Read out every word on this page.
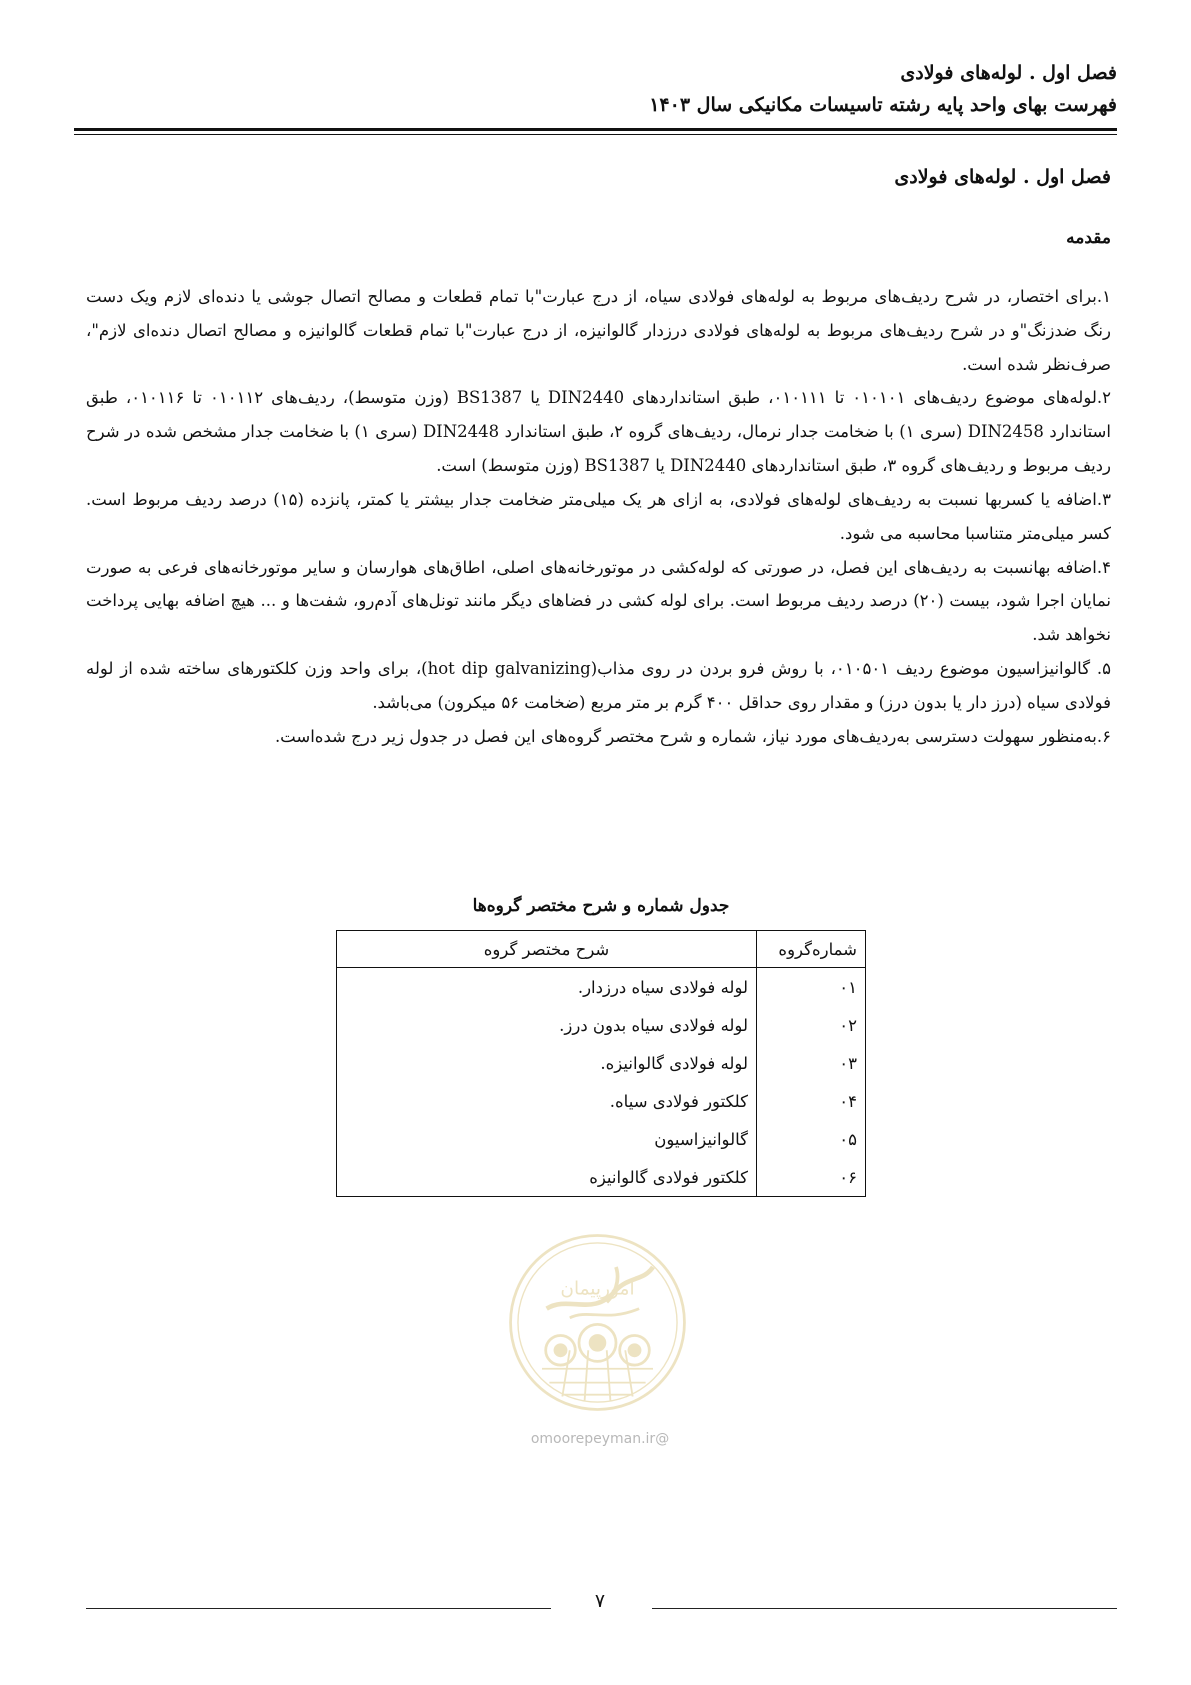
فصل اول . لوله‌های فولادی
فهرست بهای واحد پایه رشته تاسیسات مکانیکی سال ۱۴۰۳
فصل اول . لوله‌های فولادی
مقدمه

۱.برای اختصار، در شرح ردیف‌های مربوط به لوله‌های فولادی سیاه، از درج عبارت"با تمام قطعات و مصالح اتصال جوشی یا دنده‌ای لازم ویک دست رنگ ضدزنگ"و در شرح ردیف‌های مربوط به لوله‌های فولادی درزدار گالوانیزه، از درج عبارت"با تمام قطعات گالوانیزه و مصالح اتصال دنده‌ای لازم"، صرف‌نظر شده است.

۲.لوله‌های موضوع ردیف‌های ۰۱۰۱۰۱ تا ۰۱۰۱۱۱، طبق استانداردهای DIN2440 یا BS1387 (وزن متوسط)، ردیف‌های ۰۱۰۱۱۲ تا ۰۱۰۱۱۶، طبق استاندارد DIN2458 (سری ۱) با ضخامت جدار نرمال، ردیف‌های گروه ۲، طبق استاندارد DIN2448 (سری ۱) با ضخامت جدار مشخص شده در شرح ردیف مربوط و ردیف‌های گروه ۳، طبق استانداردهای DIN2440 یا BS1387 (وزن متوسط) است.

۳.اضافه یا کسربها نسبت به ردیف‌های لوله‌های فولادی، به ازای هر یک میلی‌متر ضخامت جدار بیشتر یا کمتر، پانزده (۱۵) درصد ردیف مربوط است. کسر میلی‌متر متناسبا محاسبه می شود.

۴.اضافه بهانسبت به ردیف‌های این فصل، در صورتی که لوله‌کشی در موتورخانه‌های اصلی، اطاق‌های هوارسان و سایر موتورخانه‌های فرعی به صورت نمایان اجرا شود، بیست (۲۰) درصد ردیف مربوط است. برای لوله کشی در فضاهای دیگر مانند تونل‌های آدم‌رو، شفت‌ها و ... هیچ اضافه بهایی پرداخت نخواهد شد.

۵. گالوانیزاسیون موضوع ردیف ۰۱۰۵۰۱، با روش فرو بردن در روی مذاب(hot dip galvanizing)، برای واحد وزن کلکتورهای ساخته شده از لوله فولادی سیاه (درز دار یا بدون درز) و مقدار روی حداقل ۴۰۰ گرم بر متر مربع (ضخامت ۵۶ میکرون) می‌باشد.

۶.به‌منظور سهولت دسترسی به‌ردیف‌های مورد نیاز، شماره و شرح مختصر گروه‌های این فصل در جدول زیر درج شده‌است.

جدول شماره و شرح مختصر گروه‌ها
شماره‌گروه	شرح مختصر گروه
۰۱	لوله فولادی سیاه درزدار.
۰۲	لوله فولادی سیاه بدون درز.
۰۳	لوله فولادی گالوانیزه.
۰۴	کلکتور فولادی سیاه.
۰۵	گالوانیزاسیون
۰۶	کلکتور فولادی گالوانیزه
امورپیمان
@omoorepeyman.ir
۷
